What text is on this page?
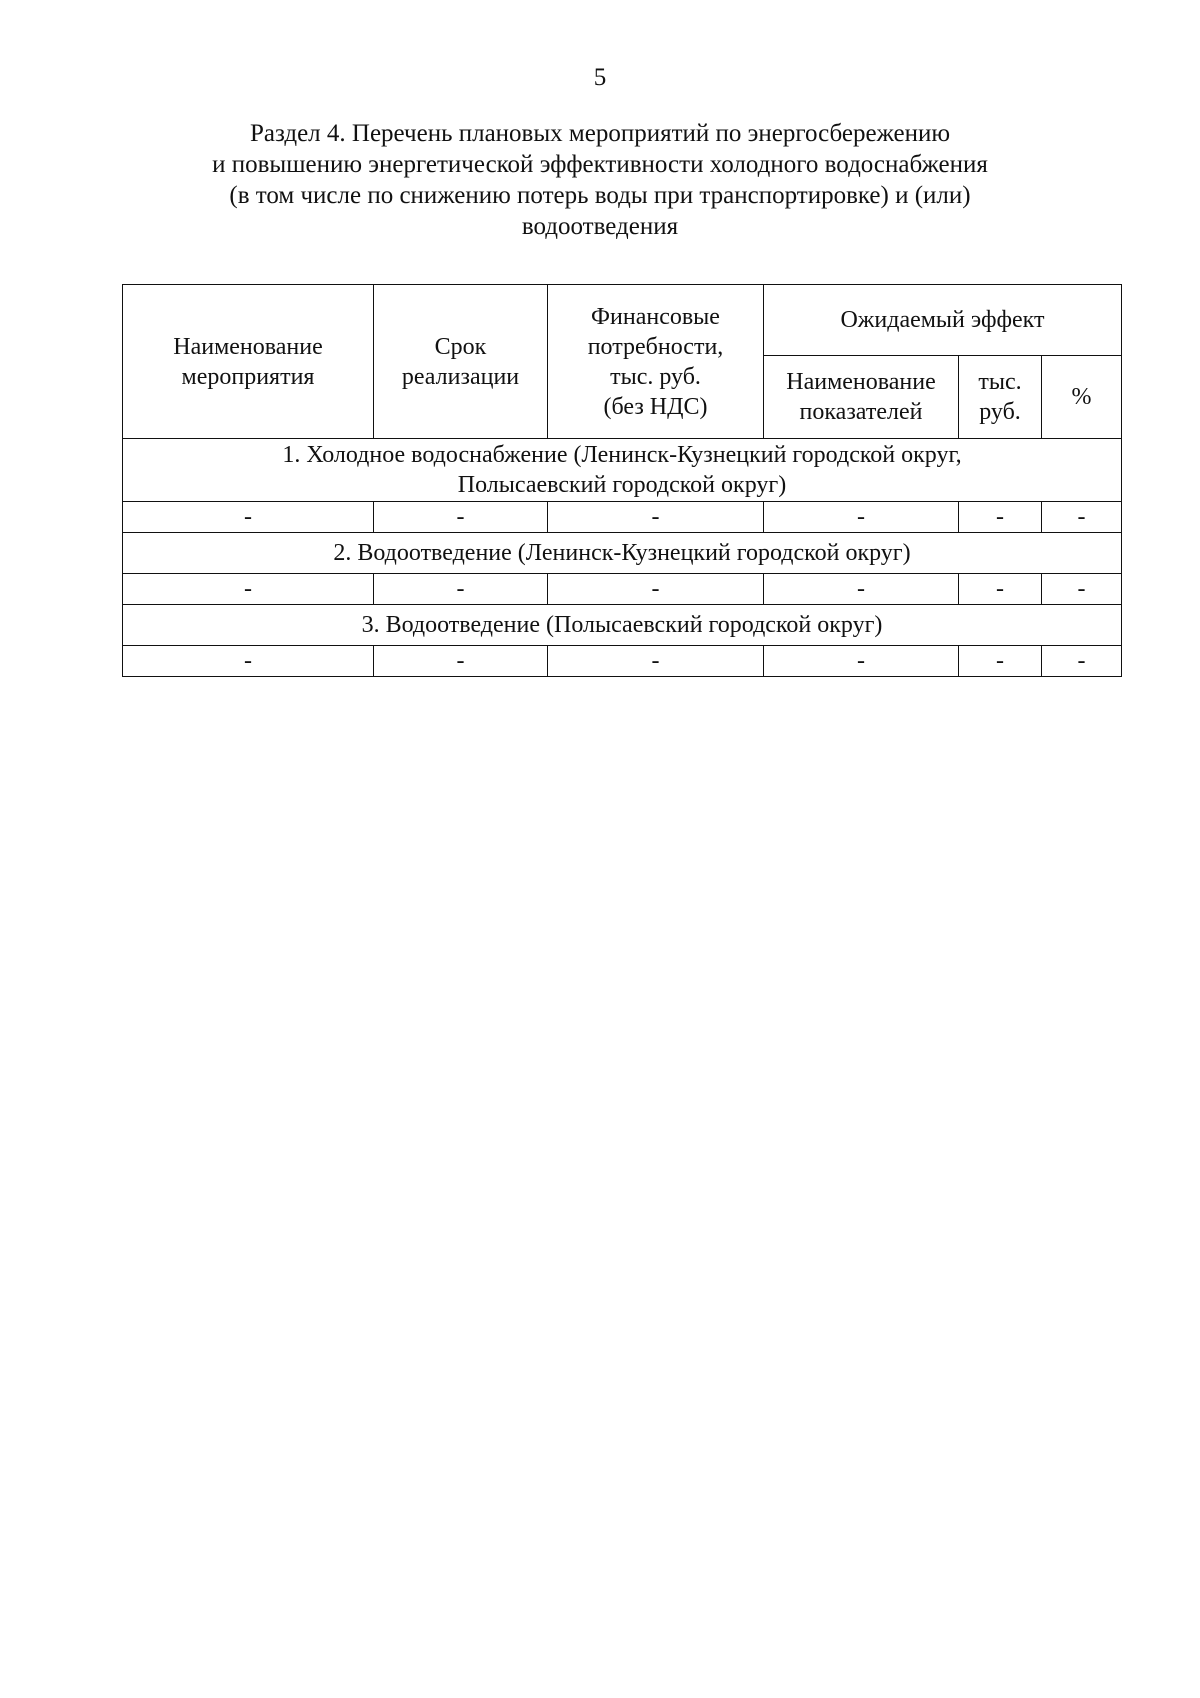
5
Раздел 4. Перечень плановых мероприятий по энергосбережению
и повышению энергетической эффективности холодного водоснабжения
(в том числе по снижению потерь воды при транспортировке) и (или)
водоотведения
Наименование мероприятия	Срок реализации	Финансовые
потребности,
тыс. руб.
(без НДС)	Ожидаемый эффект		
			Наименование показателей	тыс.
руб.	%
1. Холодное водоснабжение (Ленинск-Кузнецкий городской округ,
Полысаевский городской округ)					
-	-	-	-	-	-
2. Водоотведение (Ленинск-Кузнецкий городской округ)					
-	-	-	-	-	-
3. Водоотведение (Полысаевский городской округ)					
-	-	-	-	-	-
